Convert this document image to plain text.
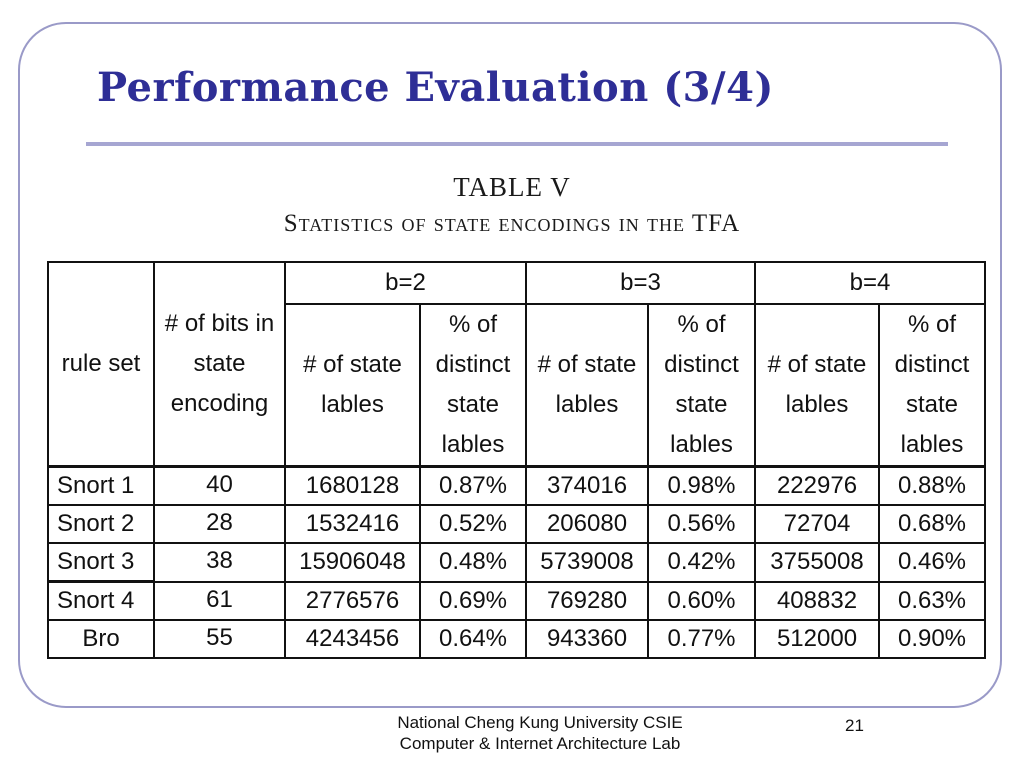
Performance Evaluation (3/4)
TABLE V
Statistics of state encodings in the TFA
rule set	# of bits in state encoding	b=2		b=3		b=4	
		# of state lables	% of distinct state lables	# of state lables	% of distinct state lables	# of state lables	% of distinct state lables
Snort 1	40	1680128	0.87%	374016	0.98%	222976	0.88%
Snort 2	28	1532416	0.52%	206080	0.56%	72704	0.68%
Snort 3	38	15906048	0.48%	5739008	0.42%	3755008	0.46%
Snort 4	61	2776576	0.69%	769280	0.60%	408832	0.63%
Bro	55	4243456	0.64%	943360	0.77%	512000	0.90%
National Cheng Kung University CSIE
Computer & Internet Architecture Lab
21
